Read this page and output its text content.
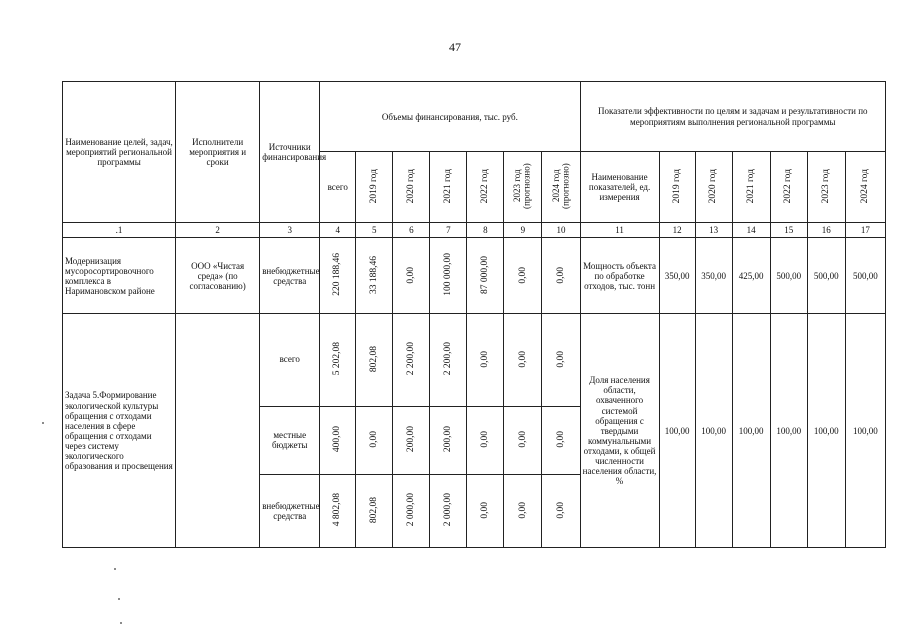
47
Наименование целей, задач, мероприятий региональной программы	Исполнители мероприятия и сроки	Источники финансирования	Объемы финансирования, тыс. руб.							Показатели эффективности по целям и задачам и результативности по мероприятиям выполнения региональной программы						
			всего	2019 год	2020 год	2021 год	2022 год	2023 год (прогнозно)	2024 год (прогнозно)	Наименование показателей, ед. измерения	2019 год	2020 год	2021 год	2022 год	2023 год	2024 год
.1	2	3	4	5	6	7	8	9	10	11	12	13	14	15	16	17
Модернизация мусоросортировочного комплекса в Наримановском районе	ООО «Чистая среда» (по согласованию)	внебюджетные средства	220 188,46	33 188,46	0,00	100 000,00	87 000,00	0,00	0,00	Мощность объекта по обработке отходов, тыс. тонн	350,00	350,00	425,00	500,00	500,00	500,00
Задача 5.Формирование экологической культуры обращения с отходами населения в сфере обращения с отходами через систему экологического образования и просвещения		всего	5 202,08	802,08	2 200,00	2 200,00	0,00	0,00	0,00	Доля населения области, охваченного системой обращения с твердыми коммунальными отходами, к общей численности населения области, %	100,00	100,00	100,00	100,00	100,00	100,00
		местные бюджеты	400,00	0,00	200,00	200,00	0,00	0,00	0,00							
		внебюджетные средства	4 802,08	802,08	2 000,00	2 000,00	0,00	0,00	0,00							
